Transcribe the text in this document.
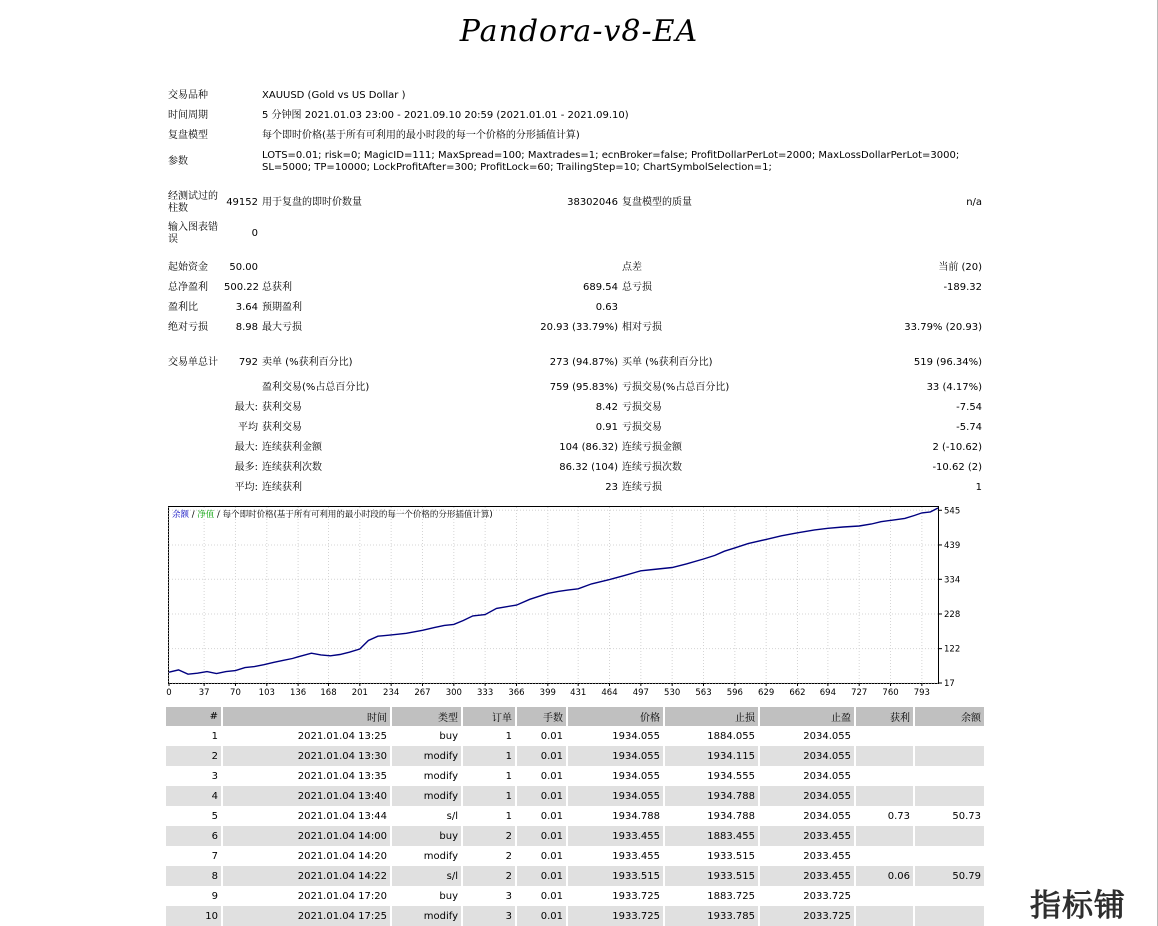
Pandora-v8-EA
交易品种		XAUUSD (Gold vs US Dollar )			
时间周期		5 分钟图 2021.01.03 23:00 - 2021.09.10 20:59 (2021.01.01 - 2021.09.10)			
复盘模型		每个即时价格(基于所有可利用的最小时段的每一个价格的分形插值计算)			
参数		LOTS=0.01; risk=0; MagicID=111; MaxSpread=100; Maxtrades=1; ecnBroker=false; ProfitDollarPerLot=2000; MaxLossDollarPerLot=3000; SL=5000; TP=10000; LockProfitAfter=300; ProfitLock=60; TrailingStep=10; ChartSymbolSelection=1;			

经测试过的柱数	49152	用于复盘的即时价数量	38302046	复盘模型的质量	n/a
输入图表错误	0				

起始资金	50.00			点差	当前 (20)
总净盈利	500.22	总获利	689.54	总亏损	-189.32
盈利比	3.64	预期盈利	0.63		
绝对亏损	8.98	最大亏损	20.93 (33.79%)	相对亏损	33.79% (20.93)

交易单总计	792	卖单 (%获利百分比)	273 (94.87%)	买单 (%获利百分比)	519 (96.34%)
		盈利交易(%占总百分比)	759 (95.83%)	亏损交易(%占总百分比)	33 (4.17%)
	最大:	获利交易	8.42	亏损交易	-7.54
	平均	获利交易	0.91	亏损交易	-5.74
	最大:	连续获利金额	104 (86.32)	连续亏损金额	2 (-10.62)
	最多:	连续获利次数	86.32 (104)	连续亏损次数	-10.62 (2)
	平均:	连续获利	23	连续亏损	1
17
122
228
334
439
545
0	37 70 103 136 168 201 234 267 300 333 366 399 431 464 497 530 563 596 629 662 694 727 760 793
余额 / 净值 / 每个即时价格(基于所有可利用的最小时段的每一个价格的分形插值计算)
#	时间	类型	订单	手数	价格	止损	止盈	获利	余额
1	2021.01.04 13:25	buy	1	0.01	1934.055	1884.055	2034.055		
2	2021.01.04 13:30	modify	1	0.01	1934.055	1934.115	2034.055		
3	2021.01.04 13:35	modify	1	0.01	1934.055	1934.555	2034.055		
4	2021.01.04 13:40	modify	1	0.01	1934.055	1934.788	2034.055		
5	2021.01.04 13:44	s/l	1	0.01	1934.788	1934.788	2034.055	0.73	50.73
6	2021.01.04 14:00	buy	2	0.01	1933.455	1883.455	2033.455		
7	2021.01.04 14:20	modify	2	0.01	1933.455	1933.515	2033.455		
8	2021.01.04 14:22	s/l	2	0.01	1933.515	1933.515	2033.455	0.06	50.79
9	2021.01.04 17:20	buy	3	0.01	1933.725	1883.725	2033.725		
10	2021.01.04 17:25	modify	3	0.01	1933.725	1933.785	2033.725			指标铺
